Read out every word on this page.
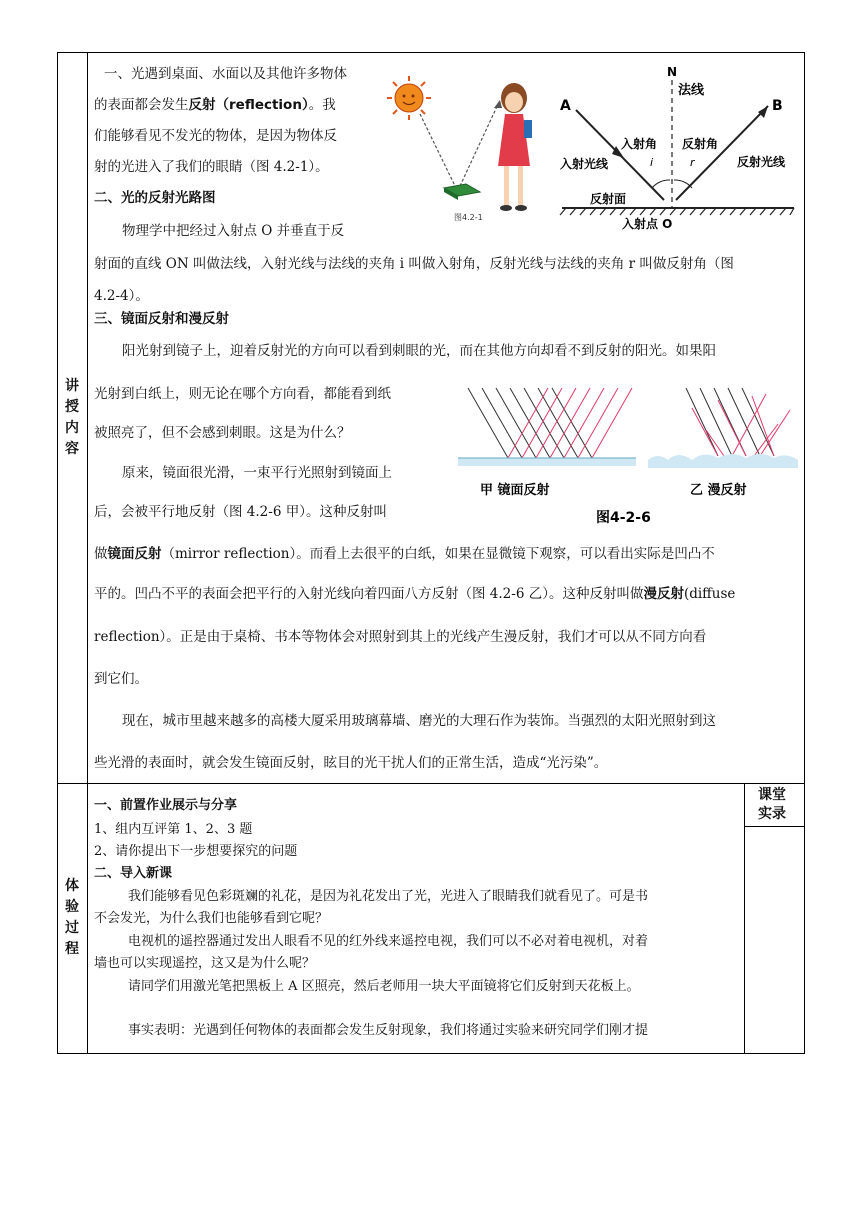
讲
授
内
容
体
验
过
程
课堂实录
一、光遇到桌面、水面以及其他许多物体
的表面都会发生反射（reflection）。我
们能够看见不发光的物体，是因为物体反
射的光进入了我们的眼睛（图 4.2-1）。
二、光的反射光路图
物理学中把经过入射点 O 并垂直于反
射面的直线 ON 叫做法线，入射光线与法线的夹角 i 叫做入射角，反射光线与法线的夹角 r 叫做反射角（图
4.2-4）。
三、镜面反射和漫反射
阳光射到镜子上，迎着反射光的方向可以看到刺眼的光，而在其他方向却看不到反射的阳光。如果阳
光射到白纸上，则无论在哪个方向看，都能看到纸
被照亮了，但不会感到刺眼。这是为什么？
原来，镜面很光滑，一束平行光照射到镜面上
后，会被平行地反射（图 4.2-6 甲）。这种反射叫
做镜面反射（mirror reflection）。而看上去很平的白纸，如果在显微镜下观察，可以看出实际是凹凸不
平的。凹凸不平的表面会把平行的入射光线向着四面八方反射（图 4.2-6 乙）。这种反射叫做漫反射(diffuse
reflection）。正是由于桌椅、书本等物体会对照射到其上的光线产生漫反射，我们才可以从不同方向看
到它们。
现在，城市里越来越多的高楼大厦采用玻璃幕墙、磨光的大理石作为装饰。当强烈的太阳光照射到这
些光滑的表面时，就会发生镜面反射，眩目的光干扰人们的正常生活，造成“光污染”。
图4.2-1
N
法线
A	B
入射角 反射角
i	r
入射光线	反射光线
反射面
入射点 O
甲 镜面反射	乙 漫反射
图4-2-6
一、前置作业展示与分享
1、组内互评第 1、2、3 题
2、请你提出下一步想要探究的问题
二、导入新课
我们能够看见色彩斑斓的礼花，是因为礼花发出了光，光进入了眼睛我们就看见了。可是书
不会发光，为什么我们也能够看到它呢？
电视机的遥控器通过发出人眼看不见的红外线来遥控电视，我们可以不必对着电视机，对着
墙也可以实现遥控，这又是为什么呢？
请同学们用激光笔把黑板上 A 区照亮，然后老师用一块大平面镜将它们反射到天花板上。
事实表明：光遇到任何物体的表面都会发生反射现象，我们将通过实验来研究同学们刚才提
